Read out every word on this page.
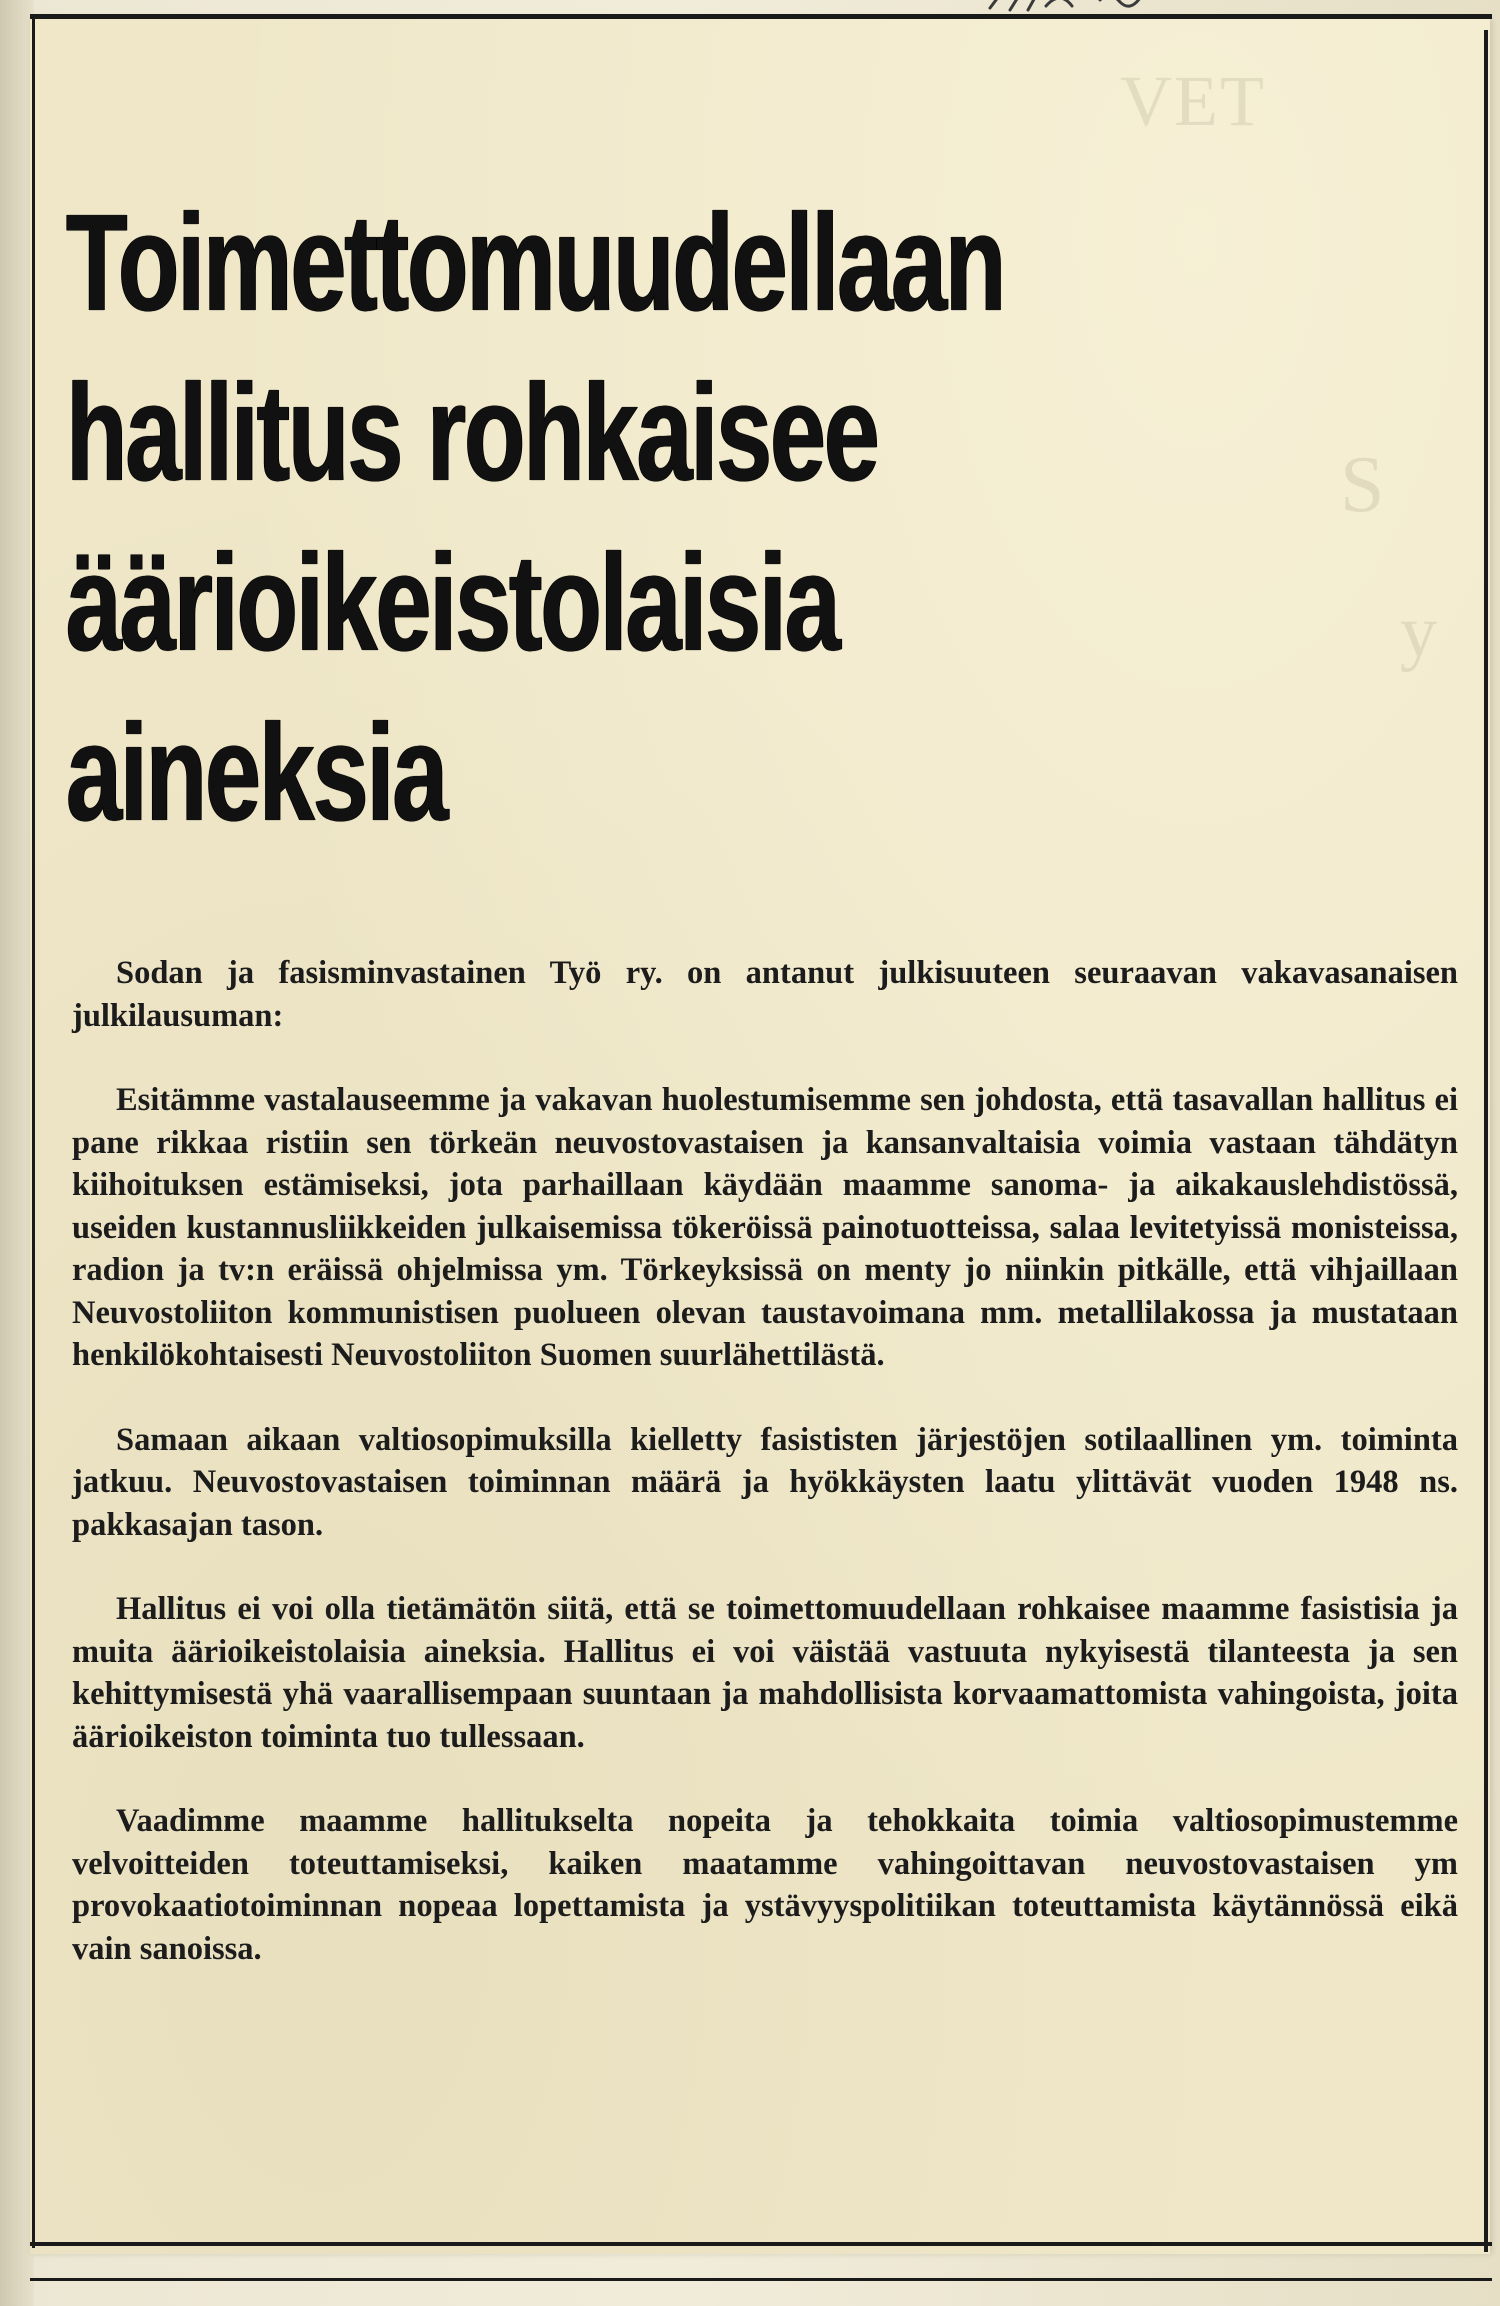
Toimettomuudellaan
hallitus rohkaisee
äärioikeistolaisia
aineksia

Sodan ja fasisminvastainen Työ ry. on antanut julkisuuteen seuraavan vakavasanaisen julkilausuman:

Esitämme vastalauseemme ja vakavan huolestumisemme sen johdosta, että tasavallan hallitus ei pane rikkaa ristiin sen törkeän neuvostovastaisen ja kansanvaltaisia voimia vastaan tähdätyn kiihoituksen estämiseksi, jota parhaillaan käydään maamme sanoma- ja aikakauslehdistössä, useiden kustannusliikkeiden julkaisemissa tökeröissä painotuotteissa, salaa levitetyissä monisteissa, radion ja tv:n eräissä ohjelmissa ym. Törkeyksissä on menty jo niinkin pitkälle, että vihjaillaan Neuvostoliiton kommunistisen puolueen olevan taustavoimana mm. metallilakossa ja mustataan henkilökohtaisesti Neuvostoliiton Suomen suurlähettilästä.

Samaan aikaan valtiosopimuksilla kielletty fasististen järjestöjen sotilaallinen ym. toiminta jatkuu. Neuvostovastaisen toiminnan määrä ja hyökkäysten laatu ylittävät vuoden 1948 ns. pakkasajan tason.

Hallitus ei voi olla tietämätön siitä, että se toimettomuudellaan rohkaisee maamme fasistisia ja muita äärioikeistolaisia aineksia. Hallitus ei voi väistää vastuuta nykyisestä tilanteesta ja sen kehittymisestä yhä vaarallisempaan suuntaan ja mahdollisista korvaamattomista vahingoista, joita äärioikeiston toiminta tuo tullessaan.

Vaadimme maamme hallitukselta nopeita ja tehokkaita toimia valtiosopimustemme velvoitteiden toteuttamiseksi, kaiken maatamme vahingoittavan neuvostovastaisen ym provokaatiotoiminnan nopeaa lopettamista ja ystävyyspolitiikan toteuttamista käytännössä eikä vain sanoissa.
